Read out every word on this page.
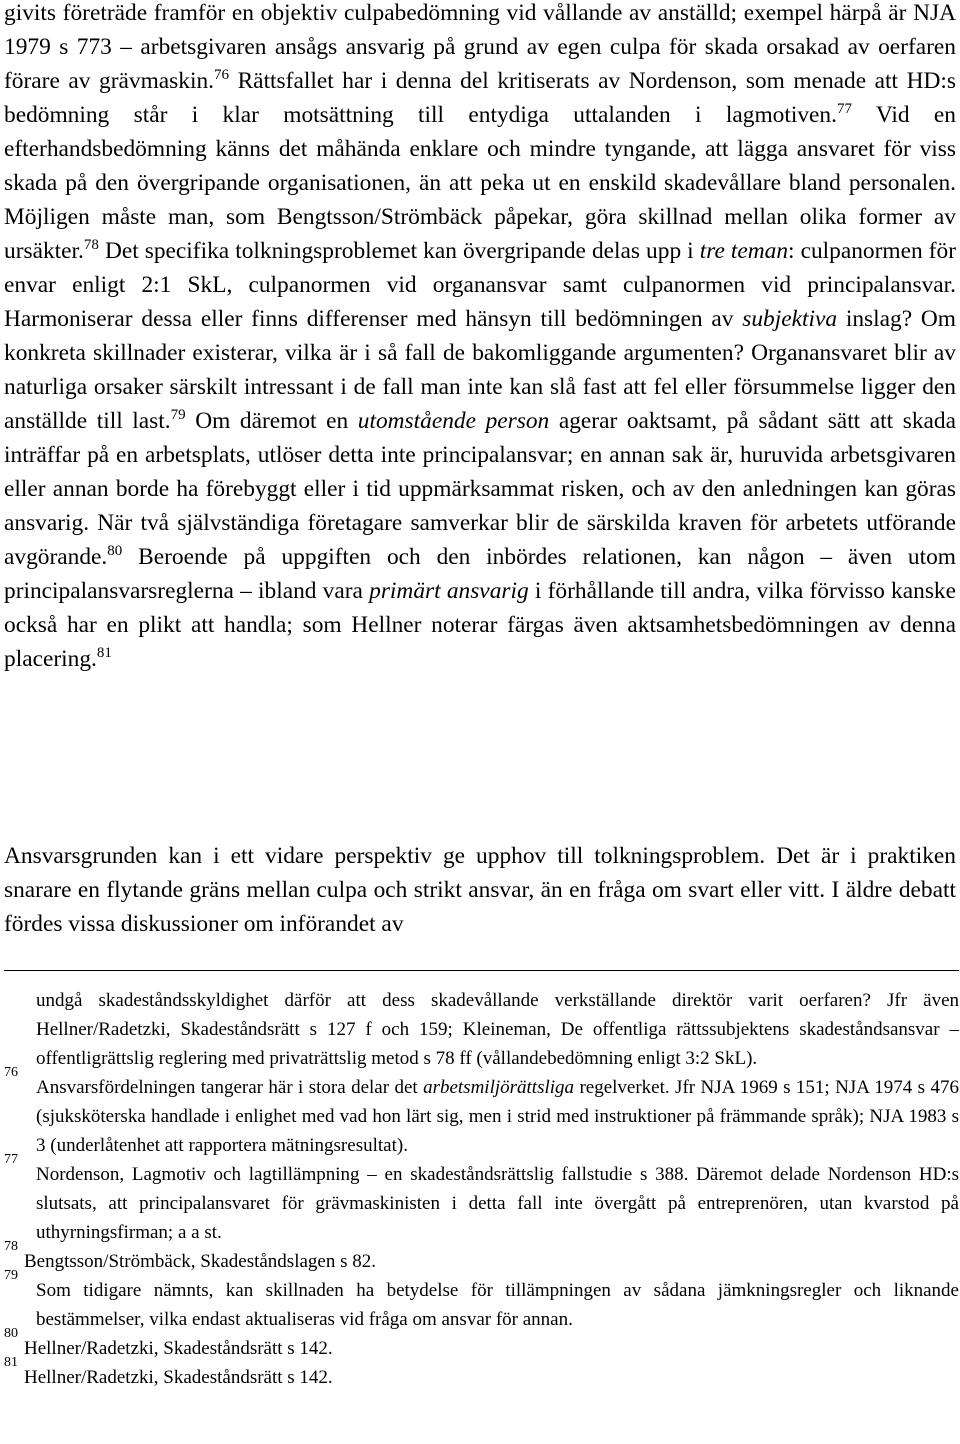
givits företräde framför en objektiv culpabedömning vid vållande av anställd; exempel härpå är NJA 1979 s 773 – arbetsgivaren ansågs ansvarig på grund av egen culpa för skada orsakad av oerfaren förare av grävmaskin.$^{76}$ Rättsfallet har i denna del kritiserats av Nordenson, som menade att HD:s bedömning står i klar motsättning till entydiga uttalanden i lagmotiven.$^{77}$ Vid en efterhandsbedömning känns det måhända enklare och mindre tyngande, att lägga ansvaret för viss skada på den övergripande organisationen, än att peka ut en enskild skadevållare bland personalen. Möjligen måste man, som Bengtsson/Strömbäck påpekar, göra skillnad mellan olika former av ursäkter.$^{78}$ Det specifika tolkningsproblemet kan övergripande delas upp i tre teman: culpanormen för envar enligt 2:1 SkL, culpanormen vid organansvar samt culpanormen vid principalansvar. Harmoniserar dessa eller finns differenser med hänsyn till bedömningen av subjektiva inslag? Om konkreta skillnader existerar, vilka är i så fall de bakomliggande argumenten? Organansvaret blir av naturliga orsaker särskilt intressant i de fall man inte kan slå fast att fel eller försummelse ligger den anställde till last.$^{79}$ Om däremot en utomstående person agerar oaktsamt, på sådant sätt att skada inträffar på en arbetsplats, utlöser detta inte principalansvar; en annan sak är, huruvida arbetsgivaren eller annan borde ha förebyggt eller i tid uppmärksammat risken, och av den anledningen kan göras ansvarig. När två självständiga företagare samverkar blir de särskilda kraven för arbetets utförande avgörande.$^{80}$ Beroende på uppgiften och den inbördes relationen, kan någon – även utom principalansvarsreglerna – ibland vara primärt ansvarig i förhållande till andra, vilka förvisso kanske också har en plikt att handla; som Hellner noterar färgas även aktsamhetsbedömningen av denna placering.$^{81}$

Ansvarsgrunden kan i ett vidare perspektiv ge upphov till tolkningsproblem. Det är i praktiken snarare en flytande gräns mellan culpa och strikt ansvar, än en fråga om svart eller vitt. I äldre debatt fördes vissa diskussioner om införandet av

undgå skadeståndsskyldighet därför att dess skadevållande verkställande direktör varit oerfaren? Jfr även Hellner/Radetzki, Skadeståndsrätt s 127 f och 159; Kleineman, De offentliga rättssubjektens skadeståndsansvar – offentligrättslig reglering med privaträttslig metod s 78 ff (vållandebedömning enligt 3:2 SkL).

76
Ansvarsfördelningen tangerar här i stora delar det arbetsmiljörättsliga regelverket. Jfr NJA 1969 s 151; NJA 1974 s 476 (sjuksköterska handlade i enlighet med vad hon lärt sig, men i strid med instruktioner på främmande språk); NJA 1983 s 3 (underlåtenhet att rapportera mätningsresultat).

77
Nordenson, Lagmotiv och lagtillämpning – en skadeståndsrättslig fallstudie s 388. Däremot delade Nordenson HD:s slutsats, att principalansvaret för grävmaskinisten i detta fall inte övergått på entreprenören, utan kvarstod på uthyrningsfirman; a a st.

78
Bengtsson/Strömbäck, Skadeståndslagen s 82.

79
Som tidigare nämnts, kan skillnaden ha betydelse för tillämpningen av sådana jämkningsregler och liknande bestämmelser, vilka endast aktualiseras vid fråga om ansvar för annan.

80
Hellner/Radetzki, Skadeståndsrätt s 142.

81
Hellner/Radetzki, Skadeståndsrätt s 142.
